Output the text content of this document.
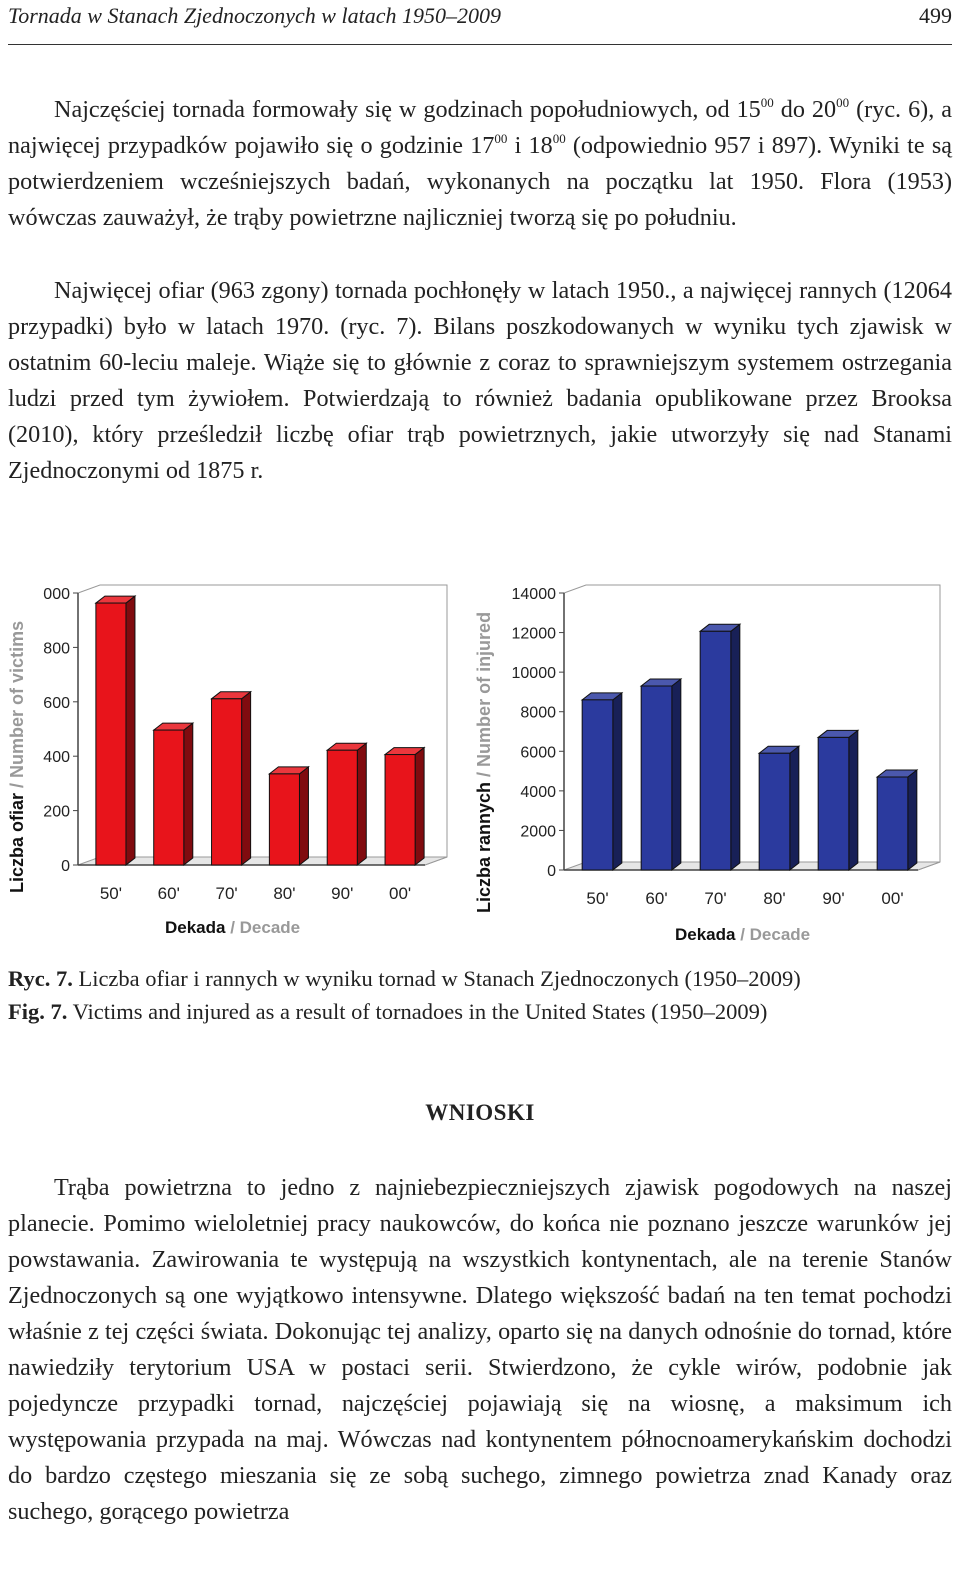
Tornada w Stanach Zjednoczonych w latach 1950–2009	499

Najczęściej tornada formowały się w godzinach popołudniowych, od $15^{00}$ do $20^{00}$ (ryc. 6), a najwięcej przypadków pojawiło się o godzinie $17^{00}$ i $18^{00}$ (odpowiednio 957 i 897). Wyniki te są potwierdzeniem wcześniejszych badań, wykonanych na początku lat 1950. Flora (1953) wówczas zauważył, że trąby powietrzne najliczniej tworzą się po południu.

Najwięcej ofiar (963 zgony) tornada pochłonęły w latach 1950., a najwięcej rannych (12064 przypadki) było w latach 1970. (ryc. 7). Bilans poszkodowanych w wyniku tych zjawisk w ostatnim 60-leciu maleje. Wiąże się to głównie z coraz to sprawniejszym systemem ostrzegania ludzi przed tym żywiołem. Potwierdzają to również badania opublikowane przez Brooksa (2010), który prześledził liczbę ofiar trąb powietrznych, jakie utworzyły się nad Stanami Zjednoczonymi od 1875 r.

0
200
400
600
800
000
50' 60' 70' 80' 90' 00'
Dekada / Decade
Liczba ofiar / Number of victims
0
2000
4000
6000
8000
10000
12000
14000
50' 60' 70' 80' 90' 00'
Dekada / Decade
Liczba rannych / Number of injured
Ryc. 7. Liczba ofiar i rannych w wyniku tornad w Stanach Zjednoczonych (1950–2009)
Fig. 7. Victims and injured as a result of tornadoes in the United States (1950–2009)
WNIOSKI

Trąba powietrzna to jedno z najniebezpieczniejszych zjawisk pogodowych na naszej planecie. Pomimo wieloletniej pracy naukowców, do końca nie poznano jeszcze warunków jej powstawania. Zawirowania te występują na wszystkich kontynentach, ale na terenie Stanów Zjednoczonych są one wyjątkowo intensywne. Dlatego większość badań na ten temat pochodzi właśnie z tej części świata. Dokonując tej analizy, oparto się na danych odnośnie do tornad, które nawiedziły terytorium USA w postaci serii. Stwierdzono, że cykle wirów, podobnie jak pojedyncze przypadki tornad, najczęściej pojawiają się na wiosnę, a maksimum ich występowania przypada na maj. Wówczas nad kontynentem północnoamerykańskim dochodzi do bardzo częstego mieszania się ze sobą suchego, zimnego powietrza znad Kanady oraz suchego, gorącego powietrza
